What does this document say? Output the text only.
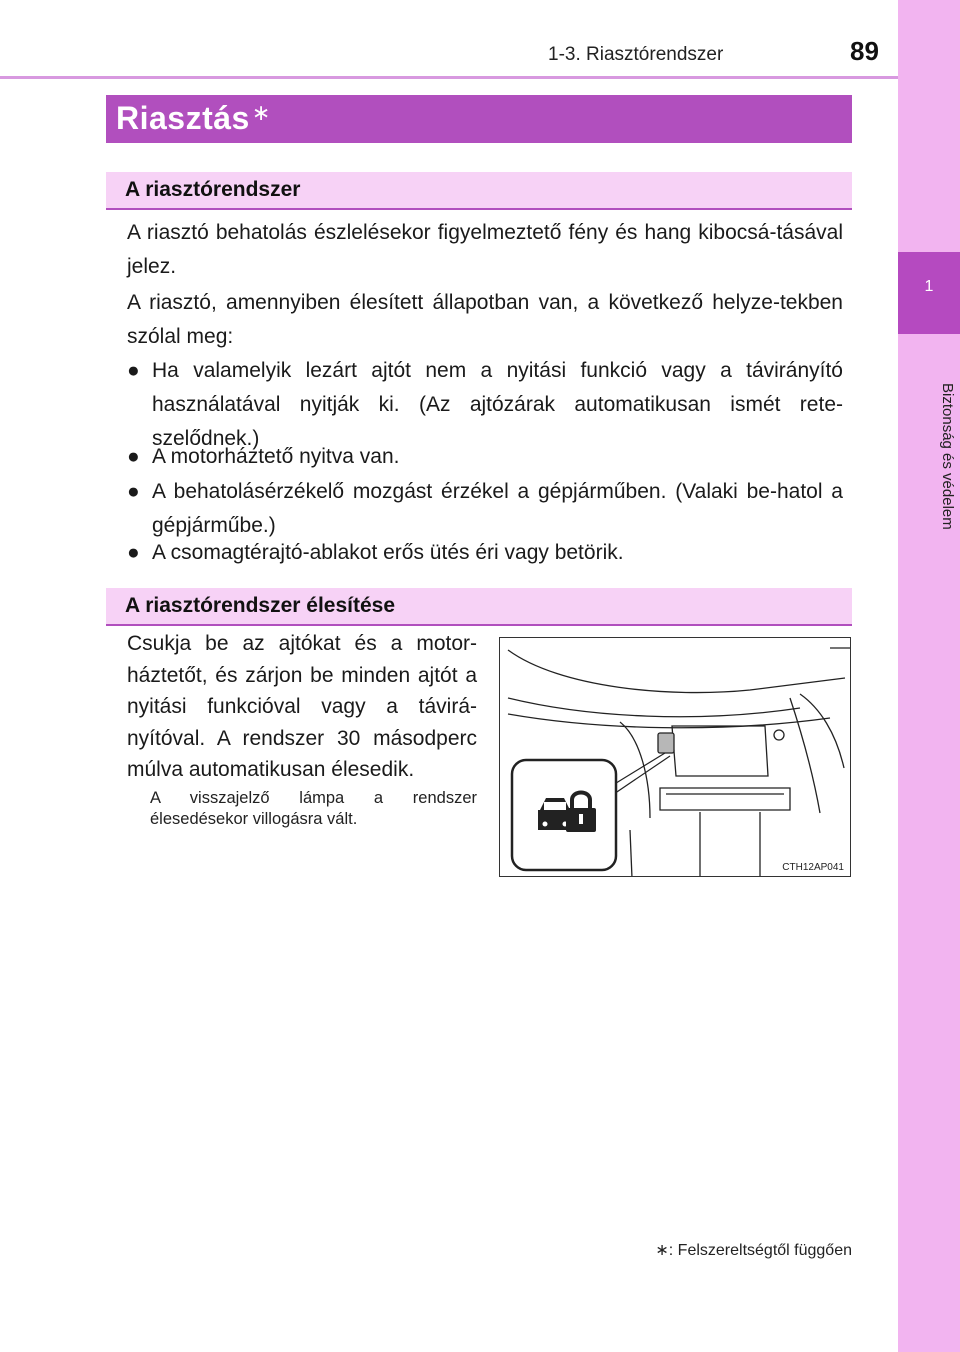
1-3. Riasztórendszer	89
1
Biztonság és védelem
Riasztás∗
A riasztórendszer

A riasztó behatolás észlelésekor figyelmeztető fény és hang kibocsá-tásával jelez.

A riasztó, amennyiben élesített állapotban van, a következő helyze-tekben szólal meg:

● Ha valamelyik lezárt ajtót nem a nyitási funkció vagy a távirányító használatával nyitják ki. (Az ajtózárak automatikusan ismét rete-szelődnek.)
● A motorháztető nyitva van.
● A behatolásérzékelő mozgást érzékel a gépjárműben. (Valaki be-hatol a gépjárműbe.)
● A csomagtérajtó-ablakot erős ütés éri vagy betörik.
A riasztórendszer élesítése

Csukja be az ajtókat és a motor-háztetőt, és zárjon be minden ajtót a nyitási funkcióval vagy a távirá-nyítóval. A rendszer 30 másodperc múlva automatikusan élesedik.

A visszajelző lámpa a rendszer élesedésekor villogásra vált.

CTH12AP041
∗: Felszereltségtől függően
